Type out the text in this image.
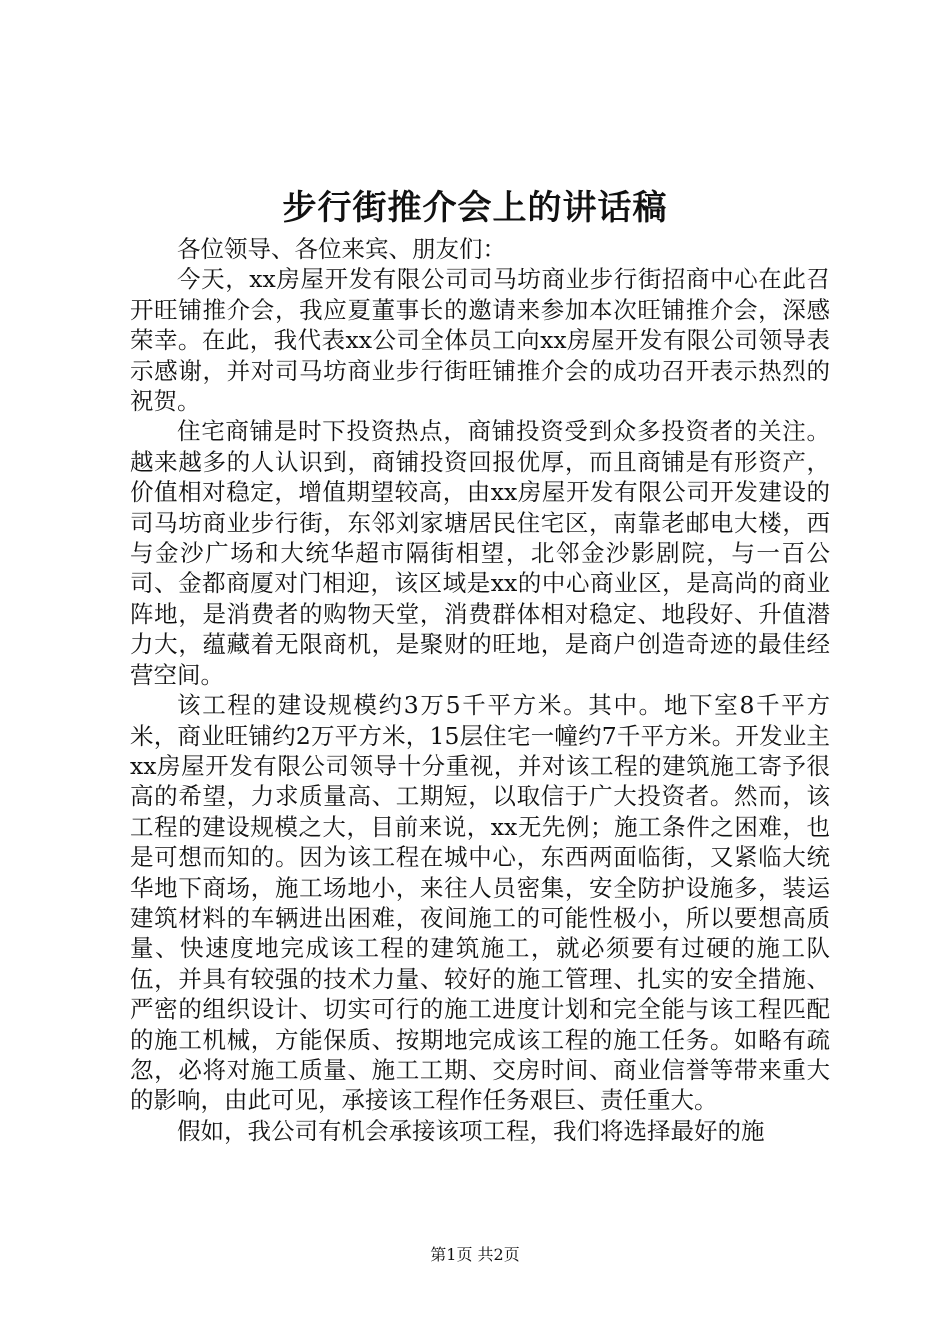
步行街推介会上的讲话稿

各位领导、各位来宾、朋友们：

今天，xx房屋开发有限公司司马坊商业步行街招商中心在此召开旺铺推介会，我应夏董事长的邀请来参加本次旺铺推介会，深感荣幸。在此，我代表xx公司全体员工向xx房屋开发有限公司领导表示感谢，并对司马坊商业步行街旺铺推介会的成功召开表示热烈的祝贺。

住宅商铺是时下投资热点，商铺投资受到众多投资者的关注。越来越多的人认识到，商铺投资回报优厚，而且商铺是有形资产，价值相对稳定，增值期望较高，由xx房屋开发有限公司开发建设的司马坊商业步行街，东邻刘家塘居民住宅区，南靠老邮电大楼，西与金沙广场和大统华超市隔街相望，北邻金沙影剧院，与一百公司、金都商厦对门相迎，该区域是xx的中心商业区，是高尚的商业阵地，是消费者的购物天堂，消费群体相对稳定、地段好、升值潜力大，蕴藏着无限商机，是聚财的旺地，是商户创造奇迹的最佳经营空间。

该工程的建设规模约3万5千平方米。其中。地下室8千平方米，商业旺铺约2万平方米，15层住宅一幢约7千平方米。开发业主xx房屋开发有限公司领导十分重视，并对该工程的建筑施工寄予很高的希望，力求质量高、工期短，以取信于广大投资者。然而，该工程的建设规模之大，目前来说，xx无先例；施工条件之困难，也是可想而知的。因为该工程在城中心，东西两面临街，又紧临大统华地下商场，施工场地小，来往人员密集，安全防护设施多，装运建筑材料的车辆进出困难，夜间施工的可能性极小，所以要想高质量、快速度地完成该工程的建筑施工，就必须要有过硬的施工队伍，并具有较强的技术力量、较好的施工管理、扎实的安全措施、严密的组织设计、切实可行的施工进度计划和完全能与该工程匹配的施工机械，方能保质、按期地完成该工程的施工任务。如略有疏忽，必将对施工质量、施工工期、交房时间、商业信誉等带来重大的影响，由此可见，承接该工程作任务艰巨、责任重大。

假如，我公司有机会承接该项工程，我们将选择最好的施

第1页 共2页
